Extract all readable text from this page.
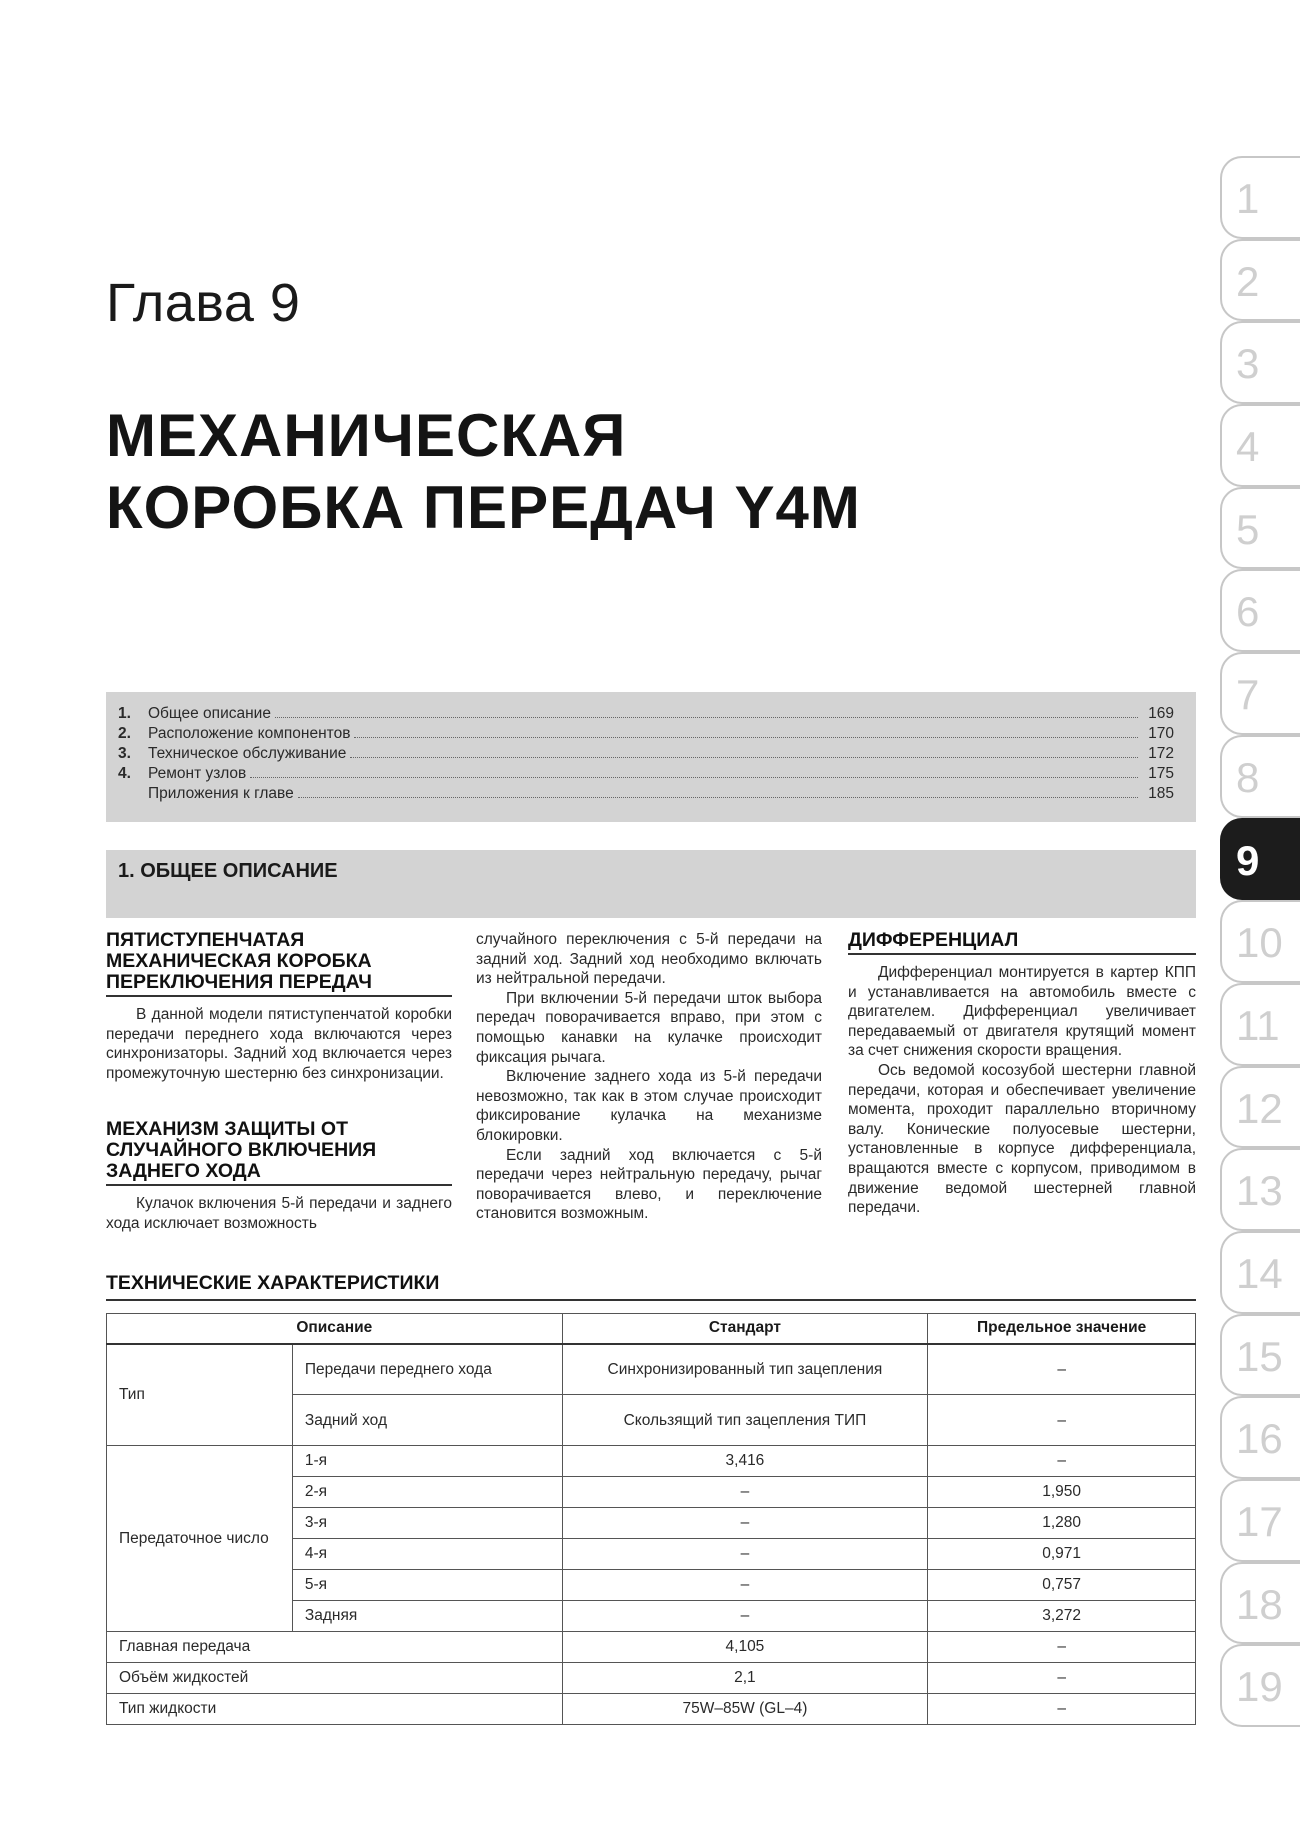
Глава 9
МЕХАНИЧЕСКАЯ
КОРОБКА ПЕРЕДАЧ Y4M
1.	Общее описание	169
2.	Расположение компонентов	170
3.	Техническое обслуживание	172
4.	Ремонт узлов	175
Приложения к главе	185
1. ОБЩЕЕ ОПИСАНИЕ
ПЯТИСТУПЕНЧАТАЯ МЕХАНИЧЕСКАЯ КОРОБКА ПЕРЕКЛЮЧЕНИЯ ПЕРЕДАЧ

В данной модели пятиступенчатой коробки передачи переднего хода включаются через синхронизаторы. Задний ход включается через промежуточную шестерню без синхронизации.

МЕХАНИЗМ ЗАЩИТЫ ОТ СЛУЧАЙНОГО ВКЛЮЧЕНИЯ ЗАДНЕГО ХОДА

Кулачок включения 5-й передачи и заднего хода исключает возможность

случайного переключения с 5-й передачи на задний ход. Задний ход необходимо включать из нейтральной передачи.

При включении 5-й передачи шток выбора передач поворачивается вправо, при этом с помощью канавки на кулачке происходит фиксация рычага.

Включение заднего хода из 5-й передачи невозможно, так как в этом случае происходит фиксирование кулачка на механизме блокировки.

Если задний ход включается с 5-й передачи через нейтральную передачу, рычаг поворачивается влево, и переключение становится возможным.

ДИФФЕРЕНЦИАЛ

Дифференциал монтируется в картер КПП и устанавливается на автомобиль вместе с двигателем. Дифференциал увеличивает передаваемый от двигателя крутящий момент за счет снижения скорости вращения.

Ось ведомой косозубой шестерни главной передачи, которая и обеспечивает увеличение момента, проходит параллельно вторичному валу. Конические полуосевые шестерни, установленные в корпусе дифференциала, вращаются вместе с корпусом, приводимом в движение ведомой шестерней главной передачи.

ТЕХНИЧЕСКИЕ ХАРАКТЕРИСТИКИ
Описание		Стандарт	Предельное значение
Тип	Передачи переднего хода	Синхронизированный тип зацепления	–
	Задний ход	Скользящий тип зацепления ТИП	–
Передаточное число	1-я	3,416	–
	2-я	–	1,950
	3-я	–	1,280
	4-я	–	0,971
	5-я	–	0,757
	Задняя	–	3,272
Главная передача		4,105	–
Объём жидкостей		2,1	–
Тип жидкости		75W–85W (GL–4)	–
1
2
3
4
5
6
7
8
9
10
11
12
13
14
15
16
17
18
19
